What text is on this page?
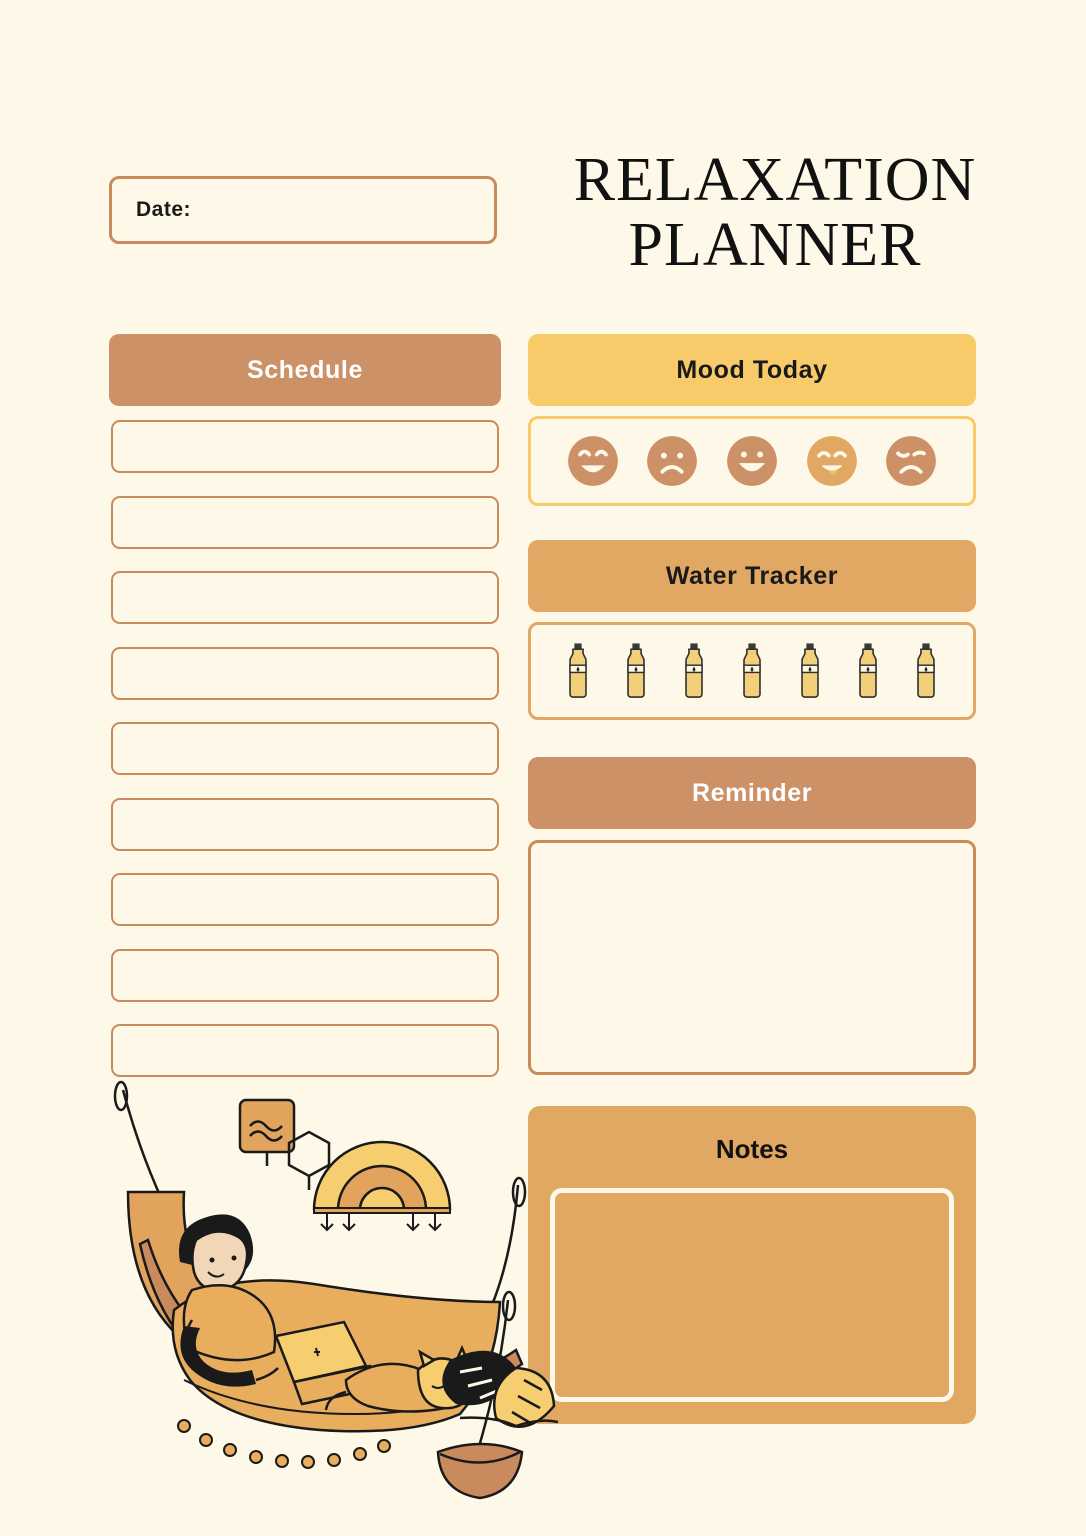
Date:	RELAXATION
PLANNER
Schedule	Mood Today
Water Tracker
Reminder
Notes
